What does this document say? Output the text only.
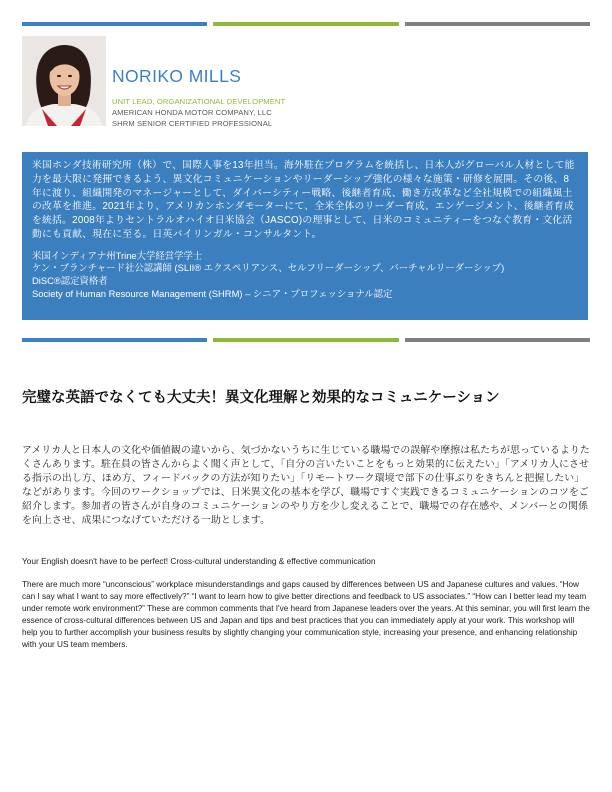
NORIKO MILLS
UNIT LEAD, ORGANIZATIONAL DEVELOPMENT
AMERICAN HONDA MOTOR COMPANY, LLC
SHRM SENIOR CERTIFIED PROFESSIONAL

米国ホンダ技術研究所（株）で、国際人事を13年担当。海外駐在プログラムを統括し、日本人がグローバル人材として能力を最大限に発揮できるよう、異文化コミュニケーションやリーダーシップ強化の様々な施策・研修を展開。その後、8年に渡り、組織開発のマネージャーとして、ダイバーシティー戦略、後継者育成、働き方改革など全社規模での組織風土の改革を推進。2021年より、アメリカンホンダモーターにて、全米全体のリーダー育成、エンゲージメント、後継者育成を統括。2008年よりセントラルオハイオ日米協会（JASCO)の理事として、日米のコミュニティーをつなぐ教育・文化活動にも貢献、現在に至る。日英バイリンガル・コンサルタント。

米国インディアナ州Trine大学経営学学士
ケン・ブランチャード社公認講師 (SLII® エクスペリアンス、セルフリーダーシップ、バーチャルリーダーシップ)
DiSC®認定資格者
Society of Human Resource Management (SHRM) – シニア・プロフェッショナル認定
完璧な英語でなくても大丈夫！異文化理解と効果的なコミュニケーション

アメリカ人と日本人の文化や価値観の違いから、気づかないうちに生じている職場での誤解や摩擦は私たちが思っているよりたくさんあります。駐在員の皆さんからよく聞く声として、「自分の言いたいことをもっと効果的に伝えたい」「アメリカ人にさせる指示の出し方、ほめ方、フィードバックの方法が知りたい」「リモートワーク環境で部下の仕事ぶりをきちんと把握したい」などがあります。今回のワークショップでは、日米異文化の基本を学び、職場ですぐ実践できるコミュニケーションのコツをご紹介します。参加者の皆さんが自身のコミュニケーションのやり方を少し変えることで、職場での存在感や、メンバーとの関係を向上させ、成果につなげていただける一助とします。

Your English doesn't have to be perfect! Cross-cultural understanding & effective communication

There are much more “unconscious” workplace misunderstandings and gaps caused by differences between US and Japanese cultures and values. “How can I say what I want to say more effectively?” “I want to learn how to give better directions and feedback to US associates.” “How can I better lead my team under remote work environment?” These are common comments that I've heard from Japanese leaders over the years. At this seminar, you will first learn the essence of cross-cultural differences between US and Japan and tips and best practices that you can immediately apply at your work. This workshop will help you to further accomplish your business results by slightly changing your communication style, increasing your presence, and enhancing relationship with your US team members.
